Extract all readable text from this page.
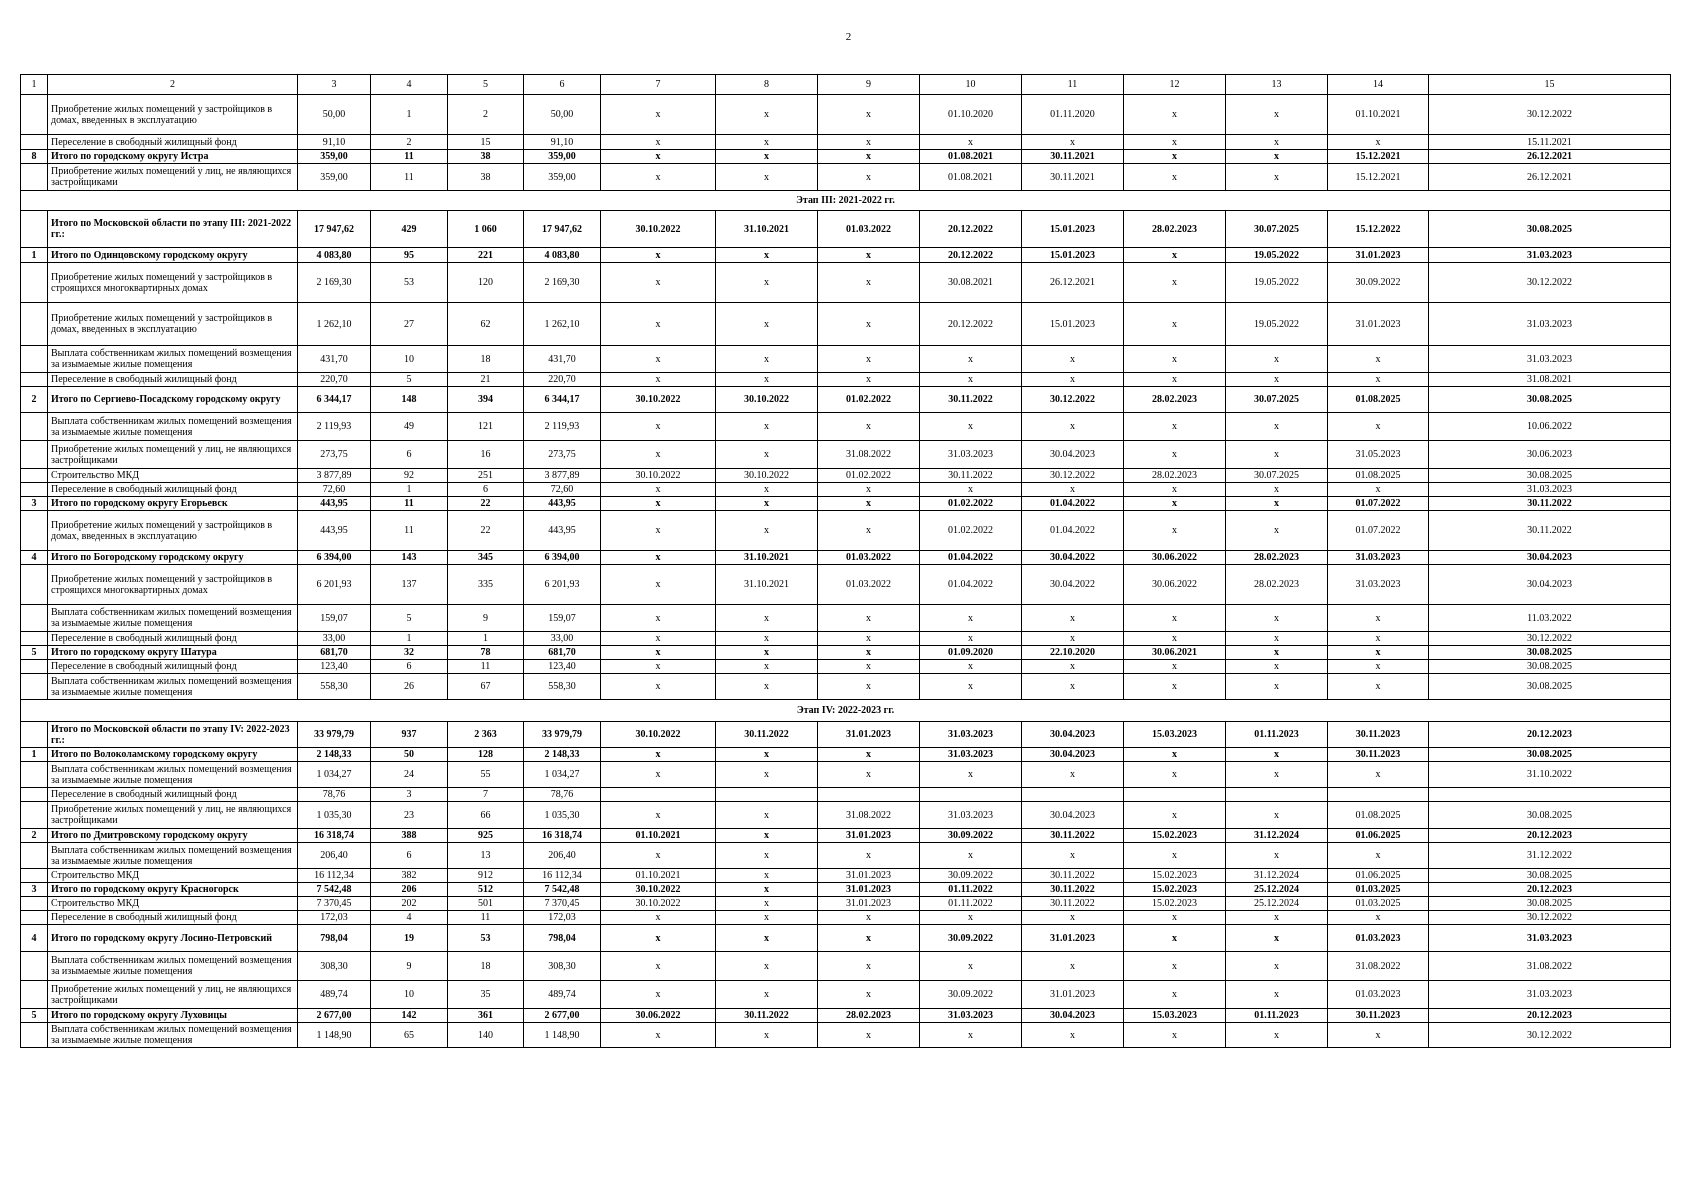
2
1	2	3	4	5	6	7	8	9	10	11	12	13	14	15
	Приобретение жилых помещений у застройщиков в домах, введенных в эксплуатацию	50,00	1	2	50,00	x	x	x	01.10.2020	01.11.2020	x	x	01.10.2021	30.12.2022
	Переселение в свободный жилищный фонд	91,10	2	15	91,10	x	x	x	x	x	x	x	x	15.11.2021
8	Итого по городскому округу Истра	359,00	11	38	359,00	x	x	x	01.08.2021	30.11.2021	x	x	15.12.2021	26.12.2021
	Приобретение жилых помещений у лиц, не являющихся застройщиками	359,00	11	38	359,00	x	x	x	01.08.2021	30.11.2021	x	x	15.12.2021	26.12.2021
Этап III: 2021-2022 гг.														
	Итого по Московской области по этапу III: 2021-2022 гг.:	17 947,62	429	1 060	17 947,62	30.10.2022	31.10.2021	01.03.2022	20.12.2022	15.01.2023	28.02.2023	30.07.2025	15.12.2022	30.08.2025
1	Итого по Одинцовскому городскому округу	4 083,80	95	221	4 083,80	x	x	x	20.12.2022	15.01.2023	x	19.05.2022	31.01.2023	31.03.2023
	Приобретение жилых помещений у застройщиков в строящихся многоквартирных домах	2 169,30	53	120	2 169,30	x	x	x	30.08.2021	26.12.2021	x	19.05.2022	30.09.2022	30.12.2022
	Приобретение жилых помещений у застройщиков в домах, введенных в эксплуатацию	1 262,10	27	62	1 262,10	x	x	x	20.12.2022	15.01.2023	x	19.05.2022	31.01.2023	31.03.2023
	Выплата собственникам жилых помещений возмещения за изымаемые жилые помещения	431,70	10	18	431,70	x	x	x	x	x	x	x	x	31.03.2023
	Переселение в свободный жилищный фонд	220,70	5	21	220,70	x	x	x	x	x	x	x	x	31.08.2021
2	Итого по Сергиево-Посадскому городскому округу	6 344,17	148	394	6 344,17	30.10.2022	30.10.2022	01.02.2022	30.11.2022	30.12.2022	28.02.2023	30.07.2025	01.08.2025	30.08.2025
	Выплата собственникам жилых помещений возмещения за изымаемые жилые помещения	2 119,93	49	121	2 119,93	x	x	x	x	x	x	x	x	10.06.2022
	Приобретение жилых помещений у лиц, не являющихся застройщиками	273,75	6	16	273,75	x	x	31.08.2022	31.03.2023	30.04.2023	x	x	31.05.2023	30.06.2023
	Строительство МКД	3 877,89	92	251	3 877,89	30.10.2022	30.10.2022	01.02.2022	30.11.2022	30.12.2022	28.02.2023	30.07.2025	01.08.2025	30.08.2025
	Переселение в свободный жилищный фонд	72,60	1	6	72,60	x	x	x	x	x	x	x	x	31.03.2023
3	Итого по городскому округу Егорьевск	443,95	11	22	443,95	x	x	x	01.02.2022	01.04.2022	x	x	01.07.2022	30.11.2022
	Приобретение жилых помещений у застройщиков в домах, введенных в эксплуатацию	443,95	11	22	443,95	x	x	x	01.02.2022	01.04.2022	x	x	01.07.2022	30.11.2022
4	Итого по Богородскому городскому округу	6 394,00	143	345	6 394,00	x	31.10.2021	01.03.2022	01.04.2022	30.04.2022	30.06.2022	28.02.2023	31.03.2023	30.04.2023
	Приобретение жилых помещений у застройщиков в строящихся многоквартирных домах	6 201,93	137	335	6 201,93	x	31.10.2021	01.03.2022	01.04.2022	30.04.2022	30.06.2022	28.02.2023	31.03.2023	30.04.2023
	Выплата собственникам жилых помещений возмещения за изымаемые жилые помещения	159,07	5	9	159,07	x	x	x	x	x	x	x	x	11.03.2022
	Переселение в свободный жилищный фонд	33,00	1	1	33,00	x	x	x	x	x	x	x	x	30.12.2022
5	Итого по городскому округу Шатура	681,70	32	78	681,70	x	x	x	01.09.2020	22.10.2020	30.06.2021	x	x	30.08.2025
	Переселение в свободный жилищный фонд	123,40	6	11	123,40	x	x	x	x	x	x	x	x	30.08.2025
	Выплата собственникам жилых помещений возмещения за изымаемые жилые помещения	558,30	26	67	558,30	x	x	x	x	x	x	x	x	30.08.2025
Этап IV: 2022-2023 гг.														
	Итого по Московской области по этапу IV: 2022-2023 гг.:	33 979,79	937	2 363	33 979,79	30.10.2022	30.11.2022	31.01.2023	31.03.2023	30.04.2023	15.03.2023	01.11.2023	30.11.2023	20.12.2023
1	Итого по Волоколамскому городскому округу	2 148,33	50	128	2 148,33	x	x	x	31.03.2023	30.04.2023	x	x	30.11.2023	30.08.2025
	Выплата собственникам жилых помещений возмещения за изымаемые жилые помещения	1 034,27	24	55	1 034,27	x	x	x	x	x	x	x	x	31.10.2022
	Переселение в свободный жилищный фонд	78,76	3	7	78,76									
	Приобретение жилых помещений у лиц, не являющихся застройщиками	1 035,30	23	66	1 035,30	x	x	31.08.2022	31.03.2023	30.04.2023	x	x	01.08.2025	30.08.2025
2	Итого по Дмитровскому городскому округу	16 318,74	388	925	16 318,74	01.10.2021	x	31.01.2023	30.09.2022	30.11.2022	15.02.2023	31.12.2024	01.06.2025	20.12.2023
	Выплата собственникам жилых помещений возмещения за изымаемые жилые помещения	206,40	6	13	206,40	x	x	x	x	x	x	x	x	31.12.2022
	Строительство МКД	16 112,34	382	912	16 112,34	01.10.2021	x	31.01.2023	30.09.2022	30.11.2022	15.02.2023	31.12.2024	01.06.2025	30.08.2025
3	Итого по городскому округу Красногорск	7 542,48	206	512	7 542,48	30.10.2022	x	31.01.2023	01.11.2022	30.11.2022	15.02.2023	25.12.2024	01.03.2025	20.12.2023
	Строительство МКД	7 370,45	202	501	7 370,45	30.10.2022	x	31.01.2023	01.11.2022	30.11.2022	15.02.2023	25.12.2024	01.03.2025	30.08.2025
	Переселение в свободный жилищный фонд	172,03	4	11	172,03	x	x	x	x	x	x	x	x	30.12.2022
4	Итого по городскому округу Лосино-Петровский	798,04	19	53	798,04	x	x	x	30.09.2022	31.01.2023	x	x	01.03.2023	31.03.2023
	Выплата собственникам жилых помещений возмещения за изымаемые жилые помещения	308,30	9	18	308,30	x	x	x	x	x	x	x	31.08.2022	31.08.2022
	Приобретение жилых помещений у лиц, не являющихся застройщиками	489,74	10	35	489,74	x	x	x	30.09.2022	31.01.2023	x	x	01.03.2023	31.03.2023
5	Итого по городскому округу Луховицы	2 677,00	142	361	2 677,00	30.06.2022	30.11.2022	28.02.2023	31.03.2023	30.04.2023	15.03.2023	01.11.2023	30.11.2023	20.12.2023
	Выплата собственникам жилых помещений возмещения за изымаемые жилые помещения	1 148,90	65	140	1 148,90	x	x	x	x	x	x	x	x	30.12.2022
